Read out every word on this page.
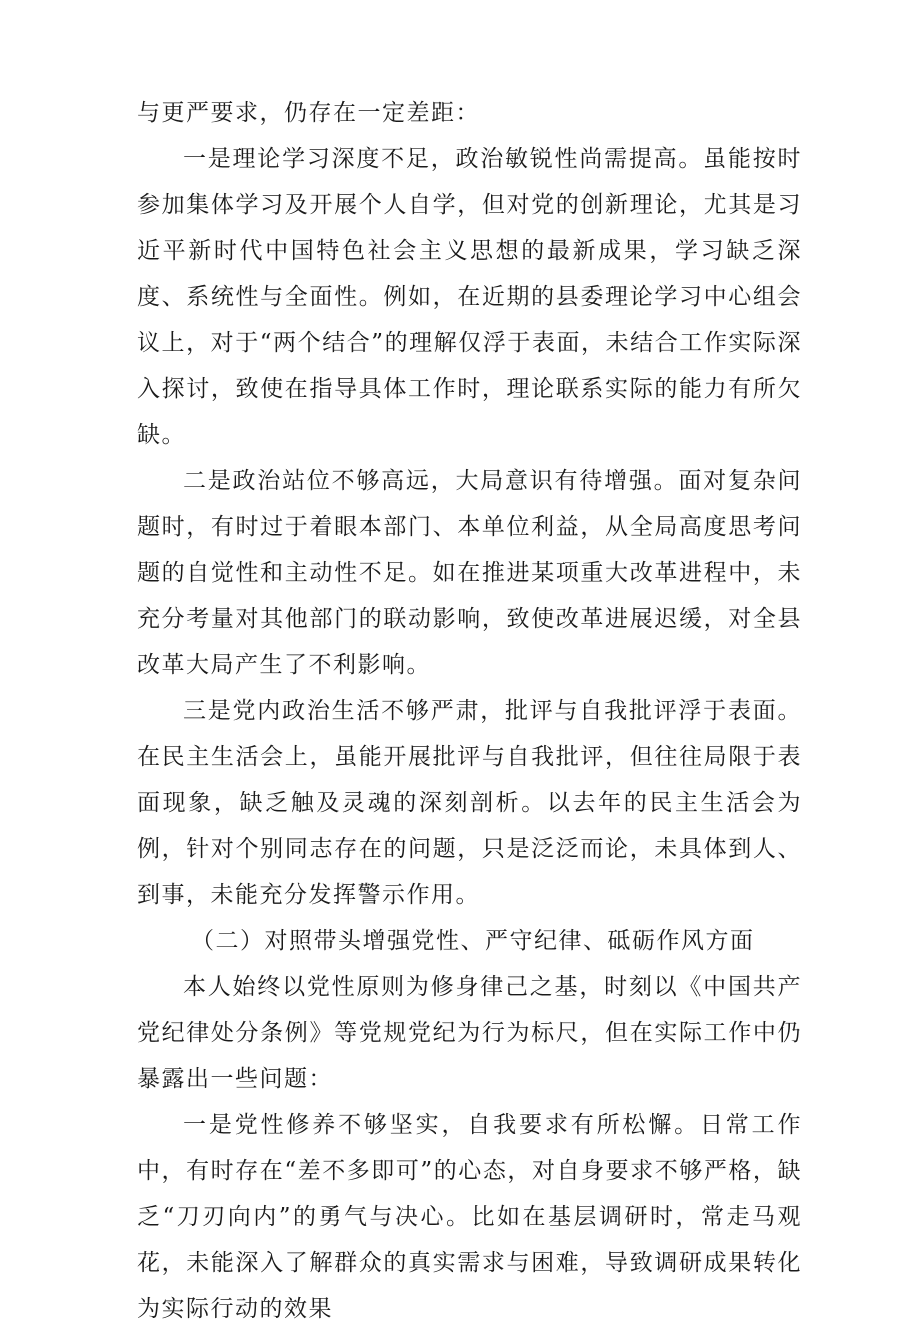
与更严要求，仍存在一定差距：

一是理论学习深度不足，政治敏锐性尚需提高。虽能按时参加集体学习及开展个人自学，但对党的创新理论，尤其是习近平新时代中国特色社会主义思想的最新成果，学习缺乏深度、系统性与全面性。例如，在近期的县委理论学习中心组会议上，对于“两个结合”的理解仅浮于表面，未结合工作实际深入探讨，致使在指导具体工作时，理论联系实际的能力有所欠缺。

二是政治站位不够高远，大局意识有待增强。面对复杂问题时，有时过于着眼本部门、本单位利益，从全局高度思考问题的自觉性和主动性不足。如在推进某项重大改革进程中，未充分考量对其他部门的联动影响，致使改革进展迟缓，对全县改革大局产生了不利影响。

三是党内政治生活不够严肃，批评与自我批评浮于表面。在民主生活会上，虽能开展批评与自我批评，但往往局限于表面现象，缺乏触及灵魂的深刻剖析。以去年的民主生活会为例，针对个别同志存在的问题，只是泛泛而论，未具体到人、到事，未能充分发挥警示作用。

（二）对照带头增强党性、严守纪律、砥砺作风方面

本人始终以党性原则为修身律己之基，时刻以《中国共产党纪律处分条例》等党规党纪为行为标尺，但在实际工作中仍暴露出一些问题：

一是党性修养不够坚实，自我要求有所松懈。日常工作中，有时存在“差不多即可”的心态，对自身要求不够严格，缺乏“刀刃向内”的勇气与决心。比如在基层调研时，常走马观花，未能深入了解群众的真实需求与困难，导致调研成果转化为实际行动的效果
